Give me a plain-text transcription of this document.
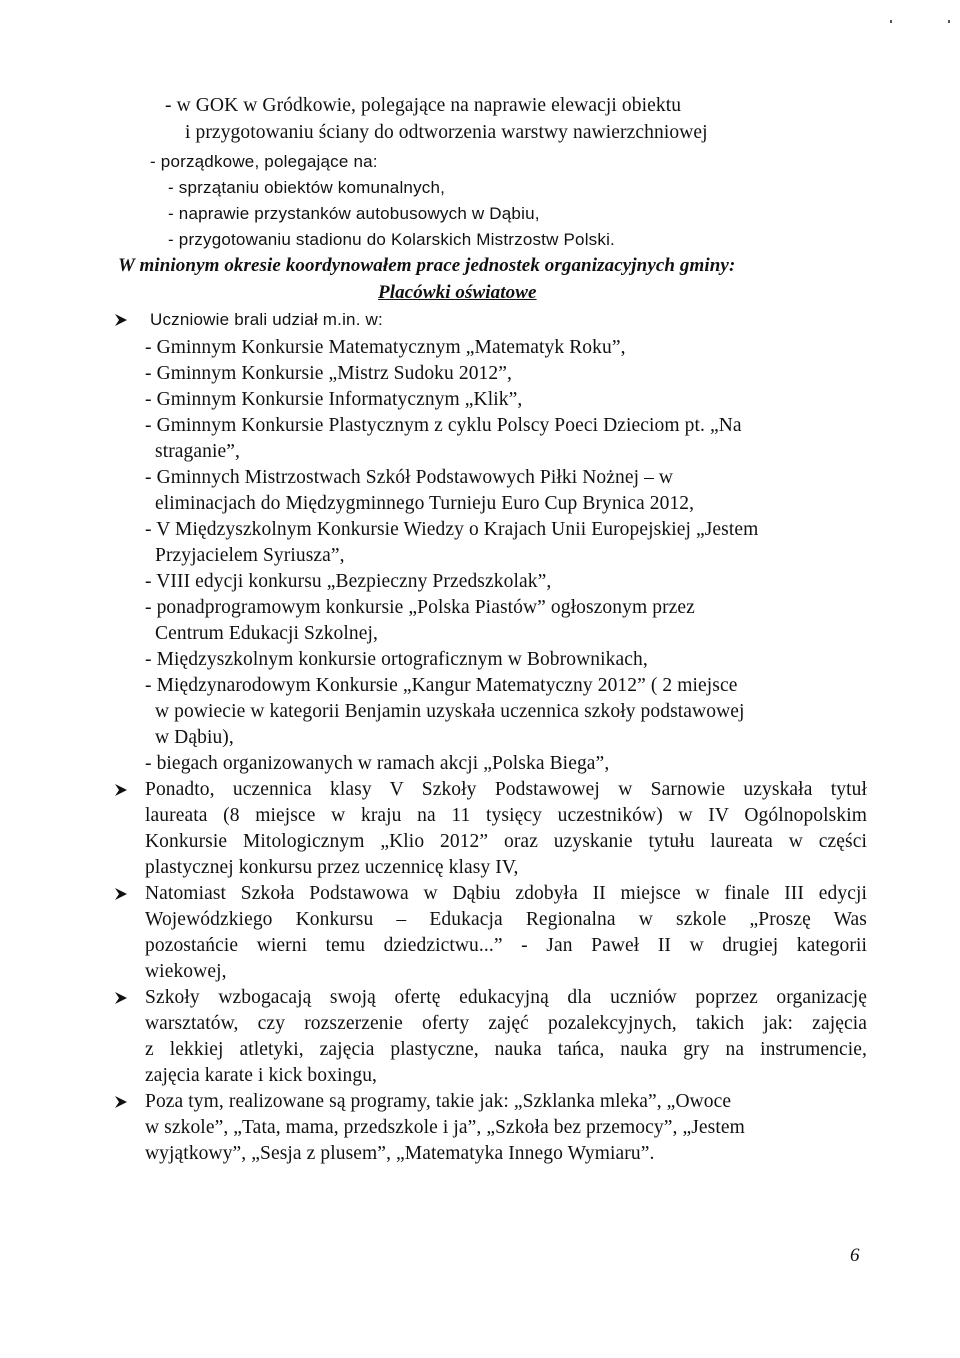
- w GOK w Gródkowie, polegające na naprawie elewacji obiektu
i przygotowaniu ściany do odtworzenia warstwy nawierzchniowej
- porządkowe, polegające na:
- sprzątaniu obiektów komunalnych,
- naprawie przystanków autobusowych w Dąbiu,
- przygotowaniu stadionu do Kolarskich Mistrzostw Polski.
W minionym okresie koordynowałem prace jednostek organizacyjnych gminy:
Placówki oświatowe
Uczniowie brali udział m.in. w:
- Gminnym Konkursie Matematycznym „Matematyk Roku”,
- Gminnym Konkursie „Mistrz Sudoku 2012”,
- Gminnym Konkursie Informatycznym „Klik”,
- Gminnym Konkursie Plastycznym z cyklu Polscy Poeci Dzieciom pt. „Na
straganie”,
- Gminnych Mistrzostwach Szkół Podstawowych Piłki Nożnej – w
eliminacjach do Międzygminnego Turnieju Euro Cup Brynica 2012,
- V Międzyszkolnym Konkursie Wiedzy o Krajach Unii Europejskiej „Jestem
Przyjacielem Syriusza”,
- VIII edycji konkursu „Bezpieczny Przedszkolak”,
- ponadprogramowym konkursie „Polska Piastów” ogłoszonym przez
Centrum Edukacji Szkolnej,
- Międzyszkolnym konkursie ortograficznym w Bobrownikach,
- Międzynarodowym Konkursie „Kangur Matematyczny 2012” ( 2 miejsce
w powiecie w kategorii Benjamin uzyskała uczennica szkoły podstawowej
w Dąbiu),
- biegach organizowanych w ramach akcji „Polska Biega”,
Ponadto, uczennica klasy V Szkoły Podstawowej w Sarnowie uzyskała tytuł
laureata (8 miejsce w kraju na 11 tysięcy uczestników) w IV Ogólnopolskim
Konkursie Mitologicznym „Klio 2012” oraz uzyskanie tytułu laureata w części
plastycznej konkursu przez uczennicę klasy IV,
Natomiast Szkoła Podstawowa w Dąbiu zdobyła II miejsce w finale III edycji
Wojewódzkiego Konkursu – Edukacja Regionalna w szkole „Proszę Was
pozostańcie wierni temu dziedzictwu...” - Jan Paweł II w drugiej kategorii
wiekowej,
Szkoły wzbogacają swoją ofertę edukacyjną dla uczniów poprzez organizację
warsztatów, czy rozszerzenie oferty zajęć pozalekcyjnych, takich jak: zajęcia
z lekkiej atletyki, zajęcia plastyczne, nauka tańca, nauka gry na instrumencie,
zajęcia karate i kick boxingu,
Poza tym, realizowane są programy, takie jak: „Szklanka mleka”, „Owoce
w szkole”, „Tata, mama, przedszkole i ja”, „Szkoła bez przemocy”, „Jestem
wyjątkowy”, „Sesja z plusem”, „Matematyka Innego Wymiaru”.
6
